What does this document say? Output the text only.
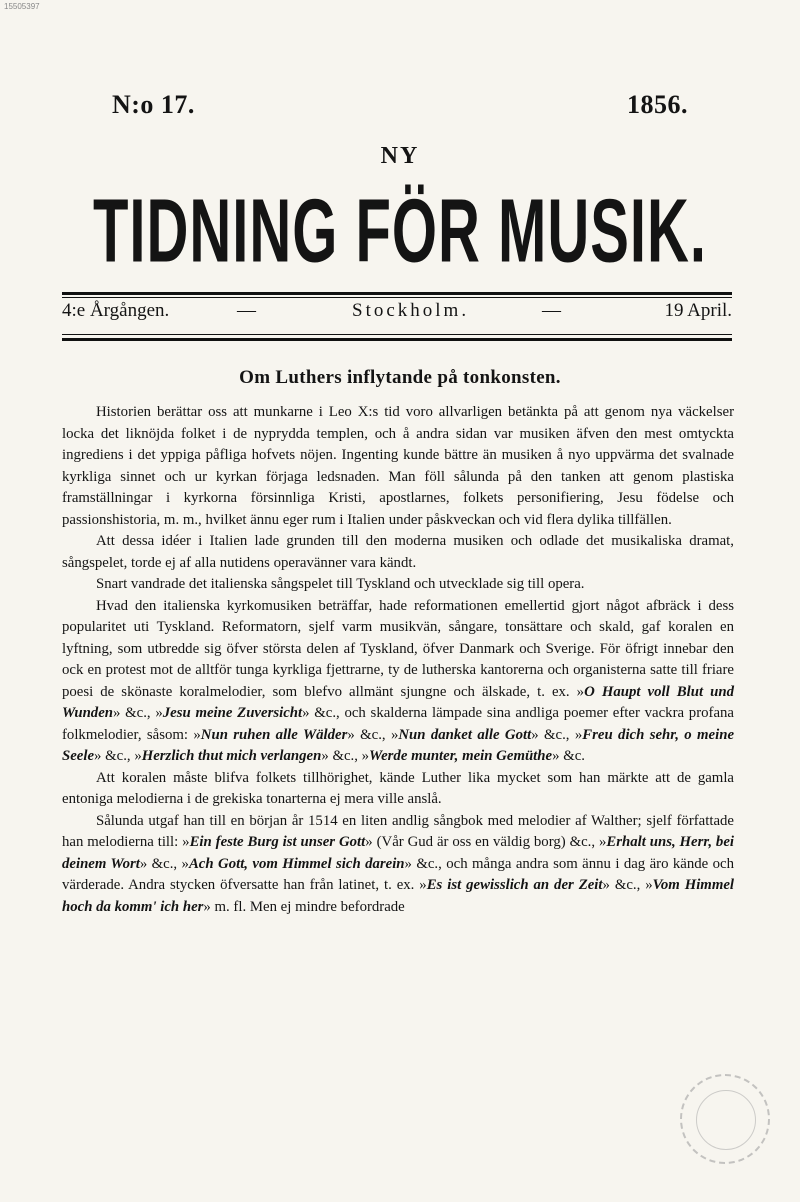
15505397
N:o 17.	1856.
NY
TIDNING FÖR MUSIK.
4:e Årgången.	—	Stockholm.	—	19 April.
Om Luthers inflytande på tonkonsten.

Historien berättar oss att munkarne i Leo X:s tid voro allvarligen betänkta på att genom nya väckelser locka det liknöjda folket i de nyprydda templen, och å andra sidan var musiken äfven den mest omtyckta ingrediens i det yppiga påfliga hofvets nöjen. Ingenting kunde bättre än musiken å nyo uppvärma det svalnade kyrkliga sinnet och ur kyrkan förjaga ledsnaden. Man föll sålunda på den tanken att genom plastiska framställningar i kyrkorna försinnliga Kristi, apostlarnes, folkets personifiering, Jesu födelse och passionshistoria, m. m., hvilket ännu eger rum i Italien under påskveckan och vid flera dylika tillfällen.

Att dessa idéer i Italien lade grunden till den moderna musiken och odlade det musikaliska dramat, sångspelet, torde ej af alla nutidens operavänner vara kändt.

Snart vandrade det italienska sångspelet till Tyskland och utvecklade sig till opera.

Hvad den italienska kyrkomusiken beträffar, hade reformationen emellertid gjort något afbräck i dess popularitet uti Tyskland. Reformatorn, sjelf varm musikvän, sångare, tonsättare och skald, gaf koralen en lyftning, som utbredde sig öfver största delen af Tyskland, öfver Danmark och Sverige. För öfrigt innebar den ock en protest mot de alltför tunga kyrkliga fjettrarne, ty de lutherska kantorerna och organisterna satte till friare poesi de skönaste koralmelodier, som blefvo allmänt sjungne och älskade, t. ex. »O Haupt voll Blut und Wunden» &c., »Jesu meine Zuversicht» &c., och skalderna lämpade sina andliga poemer efter vackra profana folkmelodier, såsom: »Nun ruhen alle Wälder» &c., »Nun danket alle Gott» &c., »Freu dich sehr, o meine Seele» &c., »Herzlich thut mich verlangen» &c., »Werde munter, mein Gemüthe» &c.

Att koralen måste blifva folkets tillhörighet, kände Luther lika mycket som han märkte att de gamla entoniga melodierna i de grekiska tonarterna ej mera ville anslå.

Sålunda utgaf han till en början år 1514 en liten andlig sångbok med melodier af Walther; sjelf författade han melodierna till: »Ein feste Burg ist unser Gott» (Vår Gud är oss en väldig borg) &c., »Erhalt uns, Herr, bei deinem Wort» &c., »Ach Gott, vom Himmel sich darein» &c., och många andra som ännu i dag äro kände och värderade. Andra stycken öfversatte han från latinet, t. ex. »Es ist gewisslich an der Zeit» &c., »Vom Himmel hoch da komm' ich her» m. fl. Men ej mindre befordrade
